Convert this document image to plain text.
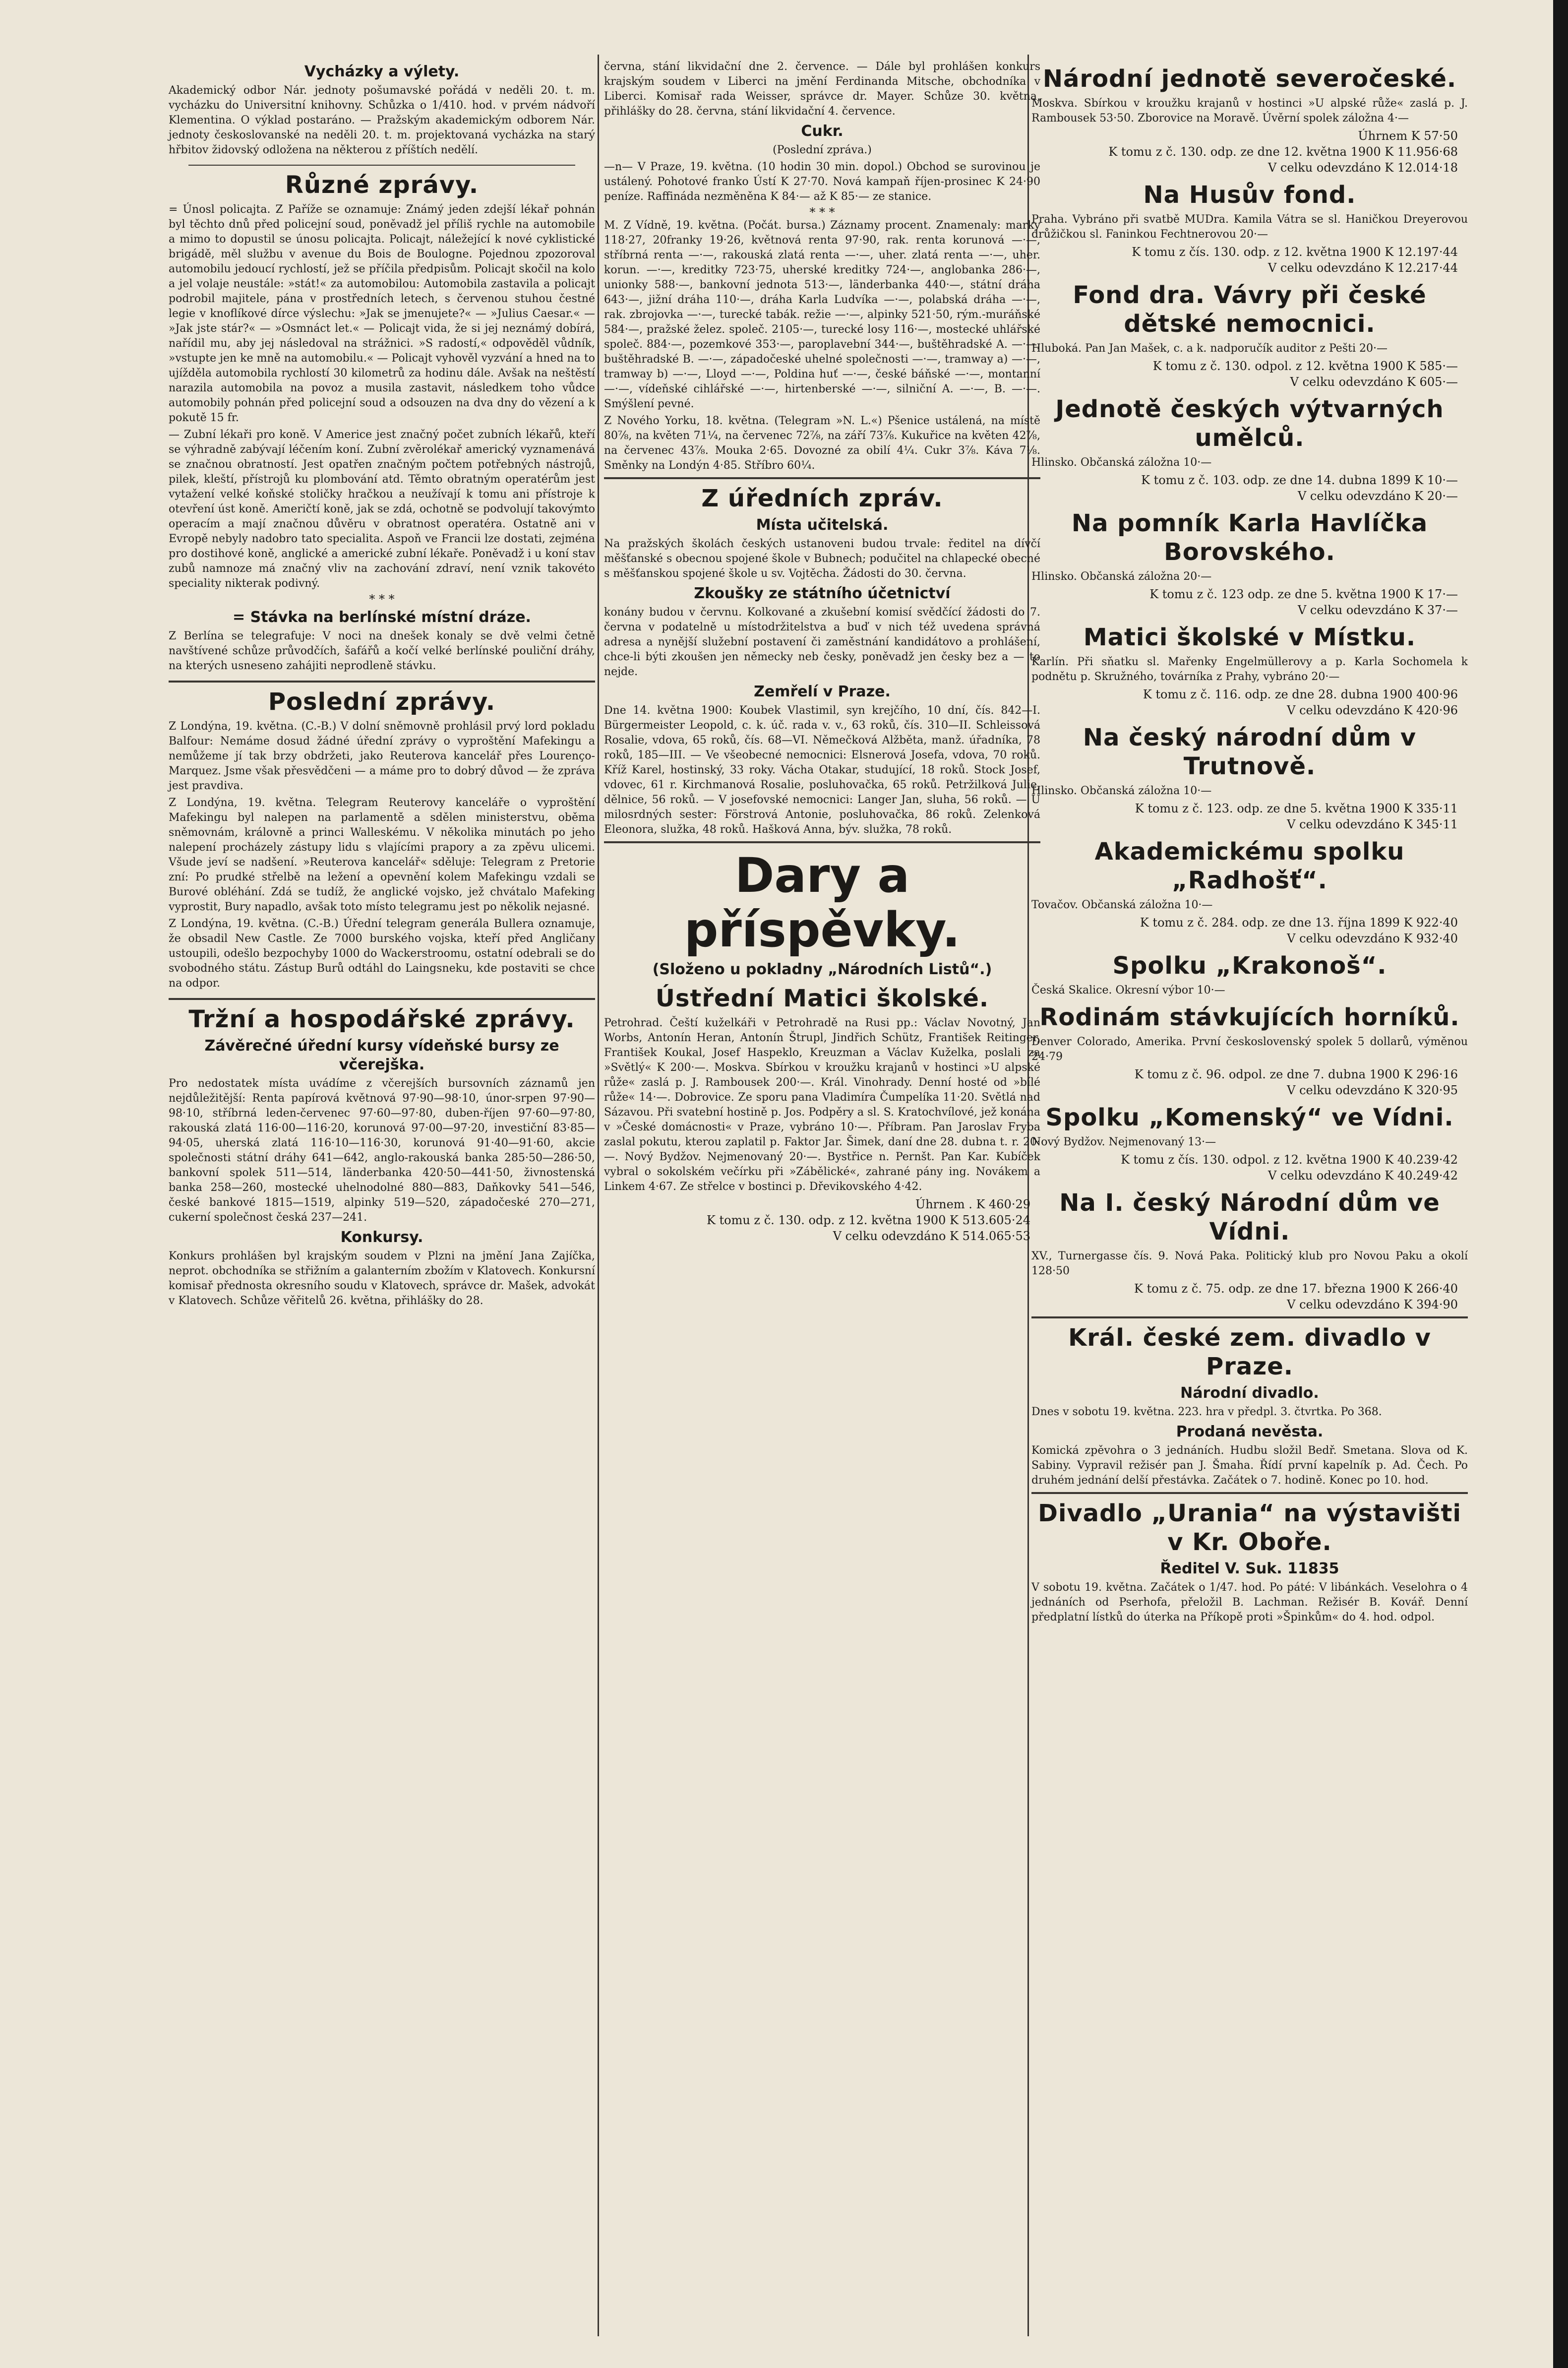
Vycházky a výlety.
Akademický odbor Nár. jednoty pošumavské pořádá v neděli 20. t. m. vycházku do Universitní knihovny. Schůzka o 1/410. hod. v prvém nádvoří Klementina. O výklad postaráno. — Pražským akademickým odborem Nár. jednoty českoslovanské na neděli 20. t. m. projektovaná vycházka na starý hřbitov židovský odložena na některou z příštích nedělí.
Různé zprávy.
= Únosl policajta. Z Paříže se oznamuje: Známý jeden zdejší lékař pohnán byl těchto dnů před policejní soud, poněvadž jel příliš rychle na automobile a mimo to dopustil se únosu policajta. Policajt, náležející k nové cyklistické brigádě, měl službu v avenue du Bois de Boulogne. Pojednou zpozoroval automobilu jedoucí rychlostí, jež se příčila předpisům. Policajt skočil na kolo a jel volaje neustále: »stát!« za automobilou: Automobila zastavila a policajt podrobil majitele, pána v prostředních letech, s červenou stuhou čestné legie v knoflíkové dírce výslechu: »Jak se jmenujete?« — »Julius Caesar.« — »Jak jste stár?« — »Osmnáct let.« — Policajt vida, že si jej neznámý dobírá, nařídil mu, aby jej následoval na strážnici. »S radostí,« odpověděl vůdník, »vstupte jen ke mně na automobilu.« — Policajt vyhověl vyzvání a hned na to ujížděla automobila rychlostí 30 kilometrů za hodinu dále. Avšak na neštěstí narazila automobila na povoz a musila zastavit, následkem toho vůdce automobily pohnán před policejní soud a odsouzen na dva dny do vězení a k pokutě 15 fr.
— Zubní lékaři pro koně. V Americe jest značný počet zubních lékařů, kteří se výhradně zabývají léčením koní. Zubní zvěrolékař americký vyznamenává se značnou obratností. Jest opatřen značným počtem potřebných nástrojů, pilek, kleští, přístrojů ku plombování atd. Těmto obratným operatérům jest vytažení velké koňské stoličky hračkou a neužívají k tomu ani přístroje k otevření úst koně. Američtí koně, jak se zdá, ochotně se podvolují takovýmto operacím a mají značnou důvěru v obratnost operatéra. Ostatně ani v Evropě nebyly nadobro tato specialita. Aspoň ve Francii lze dostati, zejména pro dostihové koně, anglické a americké zubní lékaře. Poněvadž i u koní stav zubů namnoze má značný vliv na zachování zdraví, není vznik takovéto speciality nikterak podivný.
* * *
= Stávka na berlínské místní dráze.
Z Berlína se telegrafuje: V noci na dnešek konaly se dvě velmi četně navštívené schůze průvodčích, šafářů a kočí velké berlínské pouliční dráhy, na kterých usneseno zahájiti neprodleně stávku.
Poslední zprávy.
Z Londýna, 19. května. (C.-B.) V dolní sněmovně prohlásil prvý lord pokladu Balfour: Nemáme dosud žádné úřední zprávy o vyproštění Mafekingu a nemůžeme jí tak brzy obdržeti, jako Reuterova kancelář přes Lourenço-Marquez. Jsme však přesvědčeni — a máme pro to dobrý důvod — že zpráva jest pravdiva.
Z Londýna, 19. května. Telegram Reuterovy kanceláře o vyproštění Mafekingu byl nalepen na parlamentě a sdělen ministerstvu, oběma sněmovnám, královně a princi Walleskému. V několika minutách po jeho nalepení procházely zástupy lidu s vlajícími prapory a za zpěvu ulicemi. Všude jeví se nadšení. »Reuterova kancelář« sděluje: Telegram z Pretorie zní: Po prudké střelbě na ležení a opevnění kolem Mafekingu vzdali se Burové obléhání. Zdá se tudíž, že anglické vojsko, jež chvátalo Mafeking vyprostit, Bury napadlo, avšak toto místo telegramu jest po několik nejasné.
Z Londýna, 19. května. (C.-B.) Úřední telegram generála Bullera oznamuje, že obsadil New Castle. Ze 7000 burského vojska, kteří před Angličany ustoupili, odešlo bezpochyby 1000 do Wackerstroomu, ostatní odebrali se do svobodného státu. Zástup Burů odtáhl do Laingsneku, kde postaviti se chce na odpor.
Tržní a hospodářské zprávy.
Závěrečné úřední kursy vídeňské bursy ze včerejška.
Pro nedostatek místa uvádíme z včerejších bursovních záznamů jen nejdůležitější: Renta papírová květnová 97·90—98·10, únor-srpen 97·90—98·10, stříbrná leden-červenec 97·60—97·80, duben-říjen 97·60—97·80, rakouská zlatá 116·00—116·20, korunová 97·00—97·20, investiční 83·85—94·05, uherská zlatá 116·10—116·30, korunová 91·40—91·60, akcie společnosti státní dráhy 641—642, anglo-rakouská banka 285·50—286·50, bankovní spolek 511—514, länderbanka 420·50—441·50, živnostenská banka 258—260, mostecké uhelnodolné 880—883, Daňkovky 541—546, české bankové 1815—1519, alpinky 519—520, západočeské 270—271, cukerní společnost česká 237—241.
Konkursy.
Konkurs prohlášen byl krajským soudem v Plzni na jmění Jana Zajíčka, neprot. obchodníka se střižním a galanterním zbožím v Klatovech. Konkursní komisař přednosta okresního soudu v Klatovech, správce dr. Mašek, advokát v Klatovech. Schůze věřitelů 26. května, přihlášky do 28.
června, stání likvidační dne 2. července. — Dále byl prohlášen konkurs krajským soudem v Liberci na jmění Ferdinanda Mitsche, obchodníka v Liberci. Komisař rada Weisser, správce dr. Mayer. Schůze 30. května, přihlášky do 28. června, stání likvidační 4. července.
Cukr.
(Poslední zpráva.)
—n— V Praze, 19. května. (10 hodin 30 min. dopol.) Obchod se surovinou je ustálený. Pohotové franko Ústí K 27·70. Nová kampaň říjen-prosinec K 24·90 peníze. Raffináda nezměněna K 84·— až K 85·— ze stanice.
* * *
M. Z Vídně, 19. května. (Počát. bursa.) Záznamy procent. Znamenaly: marky 118·27, 20franky 19·26, květnová renta 97·90, rak. renta korunová —·—, stříbrná renta —·—, rakouská zlatá renta —·—, uher. zlatá renta —·—, uher. korun. —·—, kreditky 723·75, uherské kreditky 724·—, anglobanka 286·—, unionky 588·—, bankovní jednota 513·—, länderbanka 440·—, státní dráha 643·—, jižní dráha 110·—, dráha Karla Ludvíka —·—, polabská dráha —·—, rak. zbrojovka —·—, turecké tabák. režie —·—, alpinky 521·50, rým.-muráňské 584·—, pražské želez. společ. 2105·—, turecké losy 116·—, mostecké uhlářské společ. 884·—, pozemkové 353·—, paroplavební 344·—, buštěhradské A. —·—, buštěhradské B. —·—, západočeské uhelné společnosti —·—, tramway a) —·—, tramway b) —·—, Lloyd —·—, Poldina huť —·—, české báňské —·—, montanní —·—, vídeňské cihlářské —·—, hirtenberské —·—, silniční A. —·—, B. —·—. Smýšlení pevné.
Z Nového Yorku, 18. května. (Telegram »N. L.«) Pšenice ustálená, na místě 80⅞, na květen 71¼, na červenec 72⅞, na září 73⅞. Kukuřice na květen 42⅞, na červenec 43⅞. Mouka 2·65. Dovozné za obilí 4¼. Cukr 3⅞. Káva 7⅛. Směnky na Londýn 4·85. Stříbro 60¼.
Z úředních zpráv.
Místa učitelská.
Na pražských školách českých ustanoveni budou trvale: ředitel na dívčí měšťanské s obecnou spojené škole v Bubnech; podučitel na chlapecké obecné s měšťanskou spojené škole u sv. Vojtěcha. Žádosti do 30. června.
Zkoušky ze státního účetnictví
konány budou v červnu. Kolkované a zkušební komisí svědčící žádosti do 7. června v podatelně u místodržitelstva a buď v nich též uvedena správná adresa a nynější služební postavení či zaměstnání kandidátovo a prohlášení, chce-li býti zkoušen jen německy neb česky, poněvadž jen česky bez a — to nejde.
Zemřelí v Praze.
Dne 14. května 1900: Koubek Vlastimil, syn krejčího, 10 dní, čís. 842—I. Bürgermeister Leopold, c. k. úč. rada v. v., 63 roků, čís. 310—II. Schleissová Rosalie, vdova, 65 roků, čís. 68—VI. Němečková Alžběta, manž. úřadníka, 78 roků, 185—III. — Ve všeobecné nemocnici: Elsnerová Josefa, vdova, 70 roků. Kříž Karel, hostinský, 33 roky. Vácha Otakar, studující, 18 roků. Stock Josef, vdovec, 61 r. Kirchmanová Rosalie, posluhovačka, 65 roků. Petržilková Julie, dělnice, 56 roků. — V josefovské nemocnici: Langer Jan, sluha, 56 roků. — U milosrdných sester: Förstrová Antonie, posluhovačka, 86 roků. Zelenková Eleonora, služka, 48 roků. Hašková Anna, býv. služka, 78 roků.
Dary a příspěvky.
(Složeno u pokladny „Národních Listů“.)
Ústřední Matici školské.
Petrohrad. Čeští kuželkáři v Petrohradě na Rusi pp.: Václav Novotný, Jan Worbs, Antonín Heran, Antonín Štrupl, Jindřich Schütz, František Reitinger, František Koukal, Josef Haspeklo, Kreuzman a Václav Kuželka, poslali za »Světlý« K 200·—. Moskva. Sbírkou v kroužku krajanů v hostinci »U alpské růže« zaslá p. J. Rambousek 200·—. Král. Vinohrady. Denní hosté od »bílé růže« 14·—. Dobrovice. Ze sporu pana Vladimíra Čumpelíka 11·20. Světlá nad Sázavou. Při svatební hostině p. Jos. Podpěry a sl. S. Kratochvílové, jež konána v »České domácnosti« v Praze, vybráno 10·—. Příbram. Pan Jaroslav Fryba zaslal pokutu, kterou zaplatil p. Faktor Jar. Šimek, daní dne 28. dubna t. r. 20·—. Nový Bydžov. Nejmenovaný 20·—. Bystřice n. Pernšt. Pan Kar. Kubíček vybral o sokolském večírku při »Zábělické«, zahrané pány ing. Novákem a Linkem 4·67. Ze střelce v bostinci p. Dřevikovského 4·42.
Úhrnem . K 460·29
K tomu z č. 130. odp. z 12. května 1900 K 513.605·24
V celku odevzdáno K 514.065·53
Národní jednotě severočeské.
Moskva. Sbírkou v kroužku krajanů v hostinci »U alpské růže« zaslá p. J. Rambousek 53·50. Zborovice na Moravě. Úvěrní spolek záložna 4·—
Úhrnem K 57·50
K tomu z č. 130. odp. ze dne 12. května 1900 K 11.956·68
V celku odevzdáno K 12.014·18
Na Husův fond.
Praha. Vybráno při svatbě MUDra. Kamila Vátra se sl. Haničkou Dreyerovou drůžičkou sl. Faninkou Fechtnerovou 20·—
K tomu z čís. 130. odp. z 12. května 1900 K 12.197·44
V celku odevzdáno K 12.217·44
Fond dra. Vávry při české dětské nemocnici.
Hluboká. Pan Jan Mašek, c. a k. nadporučík auditor z Pešti 20·—
K tomu z č. 130. odpol. z 12. května 1900 K 585·—
V celku odevzdáno K 605·—
Jednotě českých výtvarných umělců.
Hlinsko. Občanská záložna 10·—
K tomu z č. 103. odp. ze dne 14. dubna 1899 K 10·—
V celku odevzdáno K 20·—
Na pomník Karla Havlíčka Borovského.
Hlinsko. Občanská záložna 20·—
K tomu z č. 123 odp. ze dne 5. května 1900 K 17·—
V celku odevzdáno K 37·—
Matici školské v Místku.
Karlín. Při sňatku sl. Mařenky Engelmüllerovy a p. Karla Sochomela k podnětu p. Skružného, továrníka z Prahy, vybráno 20·—
K tomu z č. 116. odp. ze dne 28. dubna 1900 400·96
V celku odevzdáno K 420·96
Na český národní dům v Trutnově.
Hlinsko. Občanská záložna 10·—
K tomu z č. 123. odp. ze dne 5. května 1900 K 335·11
V celku odevzdáno K 345·11
Akademickému spolku „Radhošť“.
Tovačov. Občanská záložna 10·—
K tomu z č. 284. odp. ze dne 13. října 1899 K 922·40
V celku odevzdáno K 932·40
Spolku „Krakonoš“.
Česká Skalice. Okresní výbor 10·—
Rodinám stávkujících horníků.
Denver Colorado, Amerika. První československý spolek 5 dollarů, výměnou 24·79
K tomu z č. 96. odpol. ze dne 7. dubna 1900 K 296·16
V celku odevzdáno K 320·95
Spolku „Komenský“ ve Vídni.
Nový Bydžov. Nejmenovaný 13·—
K tomu z čís. 130. odpol. z 12. května 1900 K 40.239·42
V celku odevzdáno K 40.249·42
Na I. český Národní dům ve Vídni.
XV., Turnergasse čís. 9. Nová Paka. Politický klub pro Novou Paku a okolí 128·50
K tomu z č. 75. odp. ze dne 17. března 1900 K 266·40
V celku odevzdáno K 394·90
Král. české zem. divadlo v Praze.
Národní divadlo.
Dnes v sobotu 19. května. 223. hra v předpl. 3. čtvrtka. Po 368.
Prodaná nevěsta.
Komická zpěvohra o 3 jednáních. Hudbu složil Bedř. Smetana. Slova od K. Sabiny. Vypravil režisér pan J. Šmaha. Řídí první kapelník p. Ad. Čech. Po druhém jednání delší přestávka. Začátek o 7. hodině. Konec po 10. hod.
Divadlo „Urania“ na výstavišti v Kr. Oboře.
Ředitel V. Suk. 11835
V sobotu 19. května. Začátek o 1/47. hod. Po páté: V libánkách. Veselohra o 4 jednáních od Pserhofa, přeložil B. Lachman. Režisér B. Kovář. Denní předplatní lístků do úterka na Příkopě proti »Špinkům« do 4. hod. odpol.
